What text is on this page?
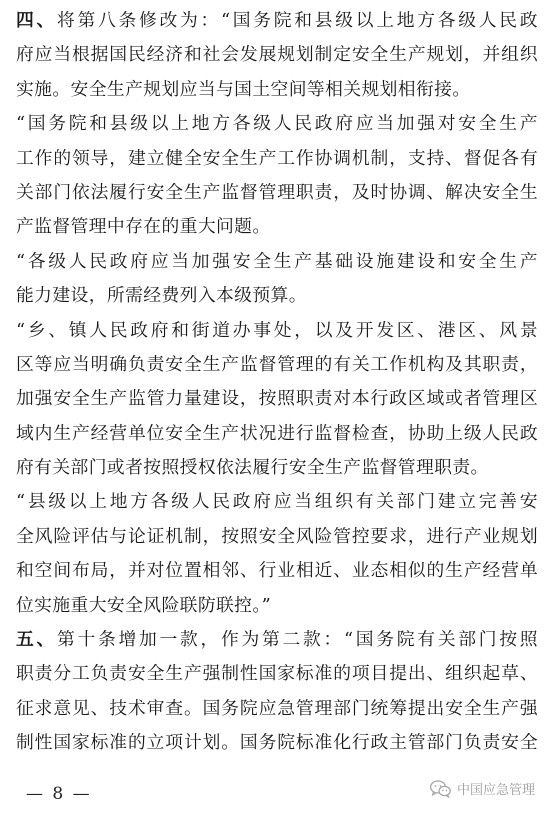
四、将第八条修改为：“国务院和县级以上地方各级人民政
府应当根据国民经济和社会发展规划制定安全生产规划，并组织
实施。安全生产规划应当与国土空间等相关规划相衔接。
“国务院和县级以上地方各级人民政府应当加强对安全生产
工作的领导，建立健全安全生产工作协调机制，支持、督促各有
关部门依法履行安全生产监督管理职责，及时协调、解决安全生
产监督管理中存在的重大问题。
“各级人民政府应当加强安全生产基础设施建设和安全生产
能力建设，所需经费列入本级预算。
“乡、镇人民政府和街道办事处，以及开发区、港区、风景
区等应当明确负责安全生产监督管理的有关工作机构及其职责，
加强安全生产监管力量建设，按照职责对本行政区域或者管理区
域内生产经营单位安全生产状况进行监督检查，协助上级人民政
府有关部门或者按照授权依法履行安全生产监督管理职责。
“县级以上地方各级人民政府应当组织有关部门建立完善安
全风险评估与论证机制，按照安全风险管控要求，进行产业规划
和空间布局，并对位置相邻、行业相近、业态相似的生产经营单
位实施重大安全风险联防联控。”
五、第十条增加一款，作为第二款：“国务院有关部门按照
职责分工负责安全生产强制性国家标准的项目提出、组织起草、
征求意见、技术审查。国务院应急管理部门统筹提出安全生产强
制性国家标准的立项计划。国务院标准化行政主管部门负责安全
— 8 —	中国应急管理
